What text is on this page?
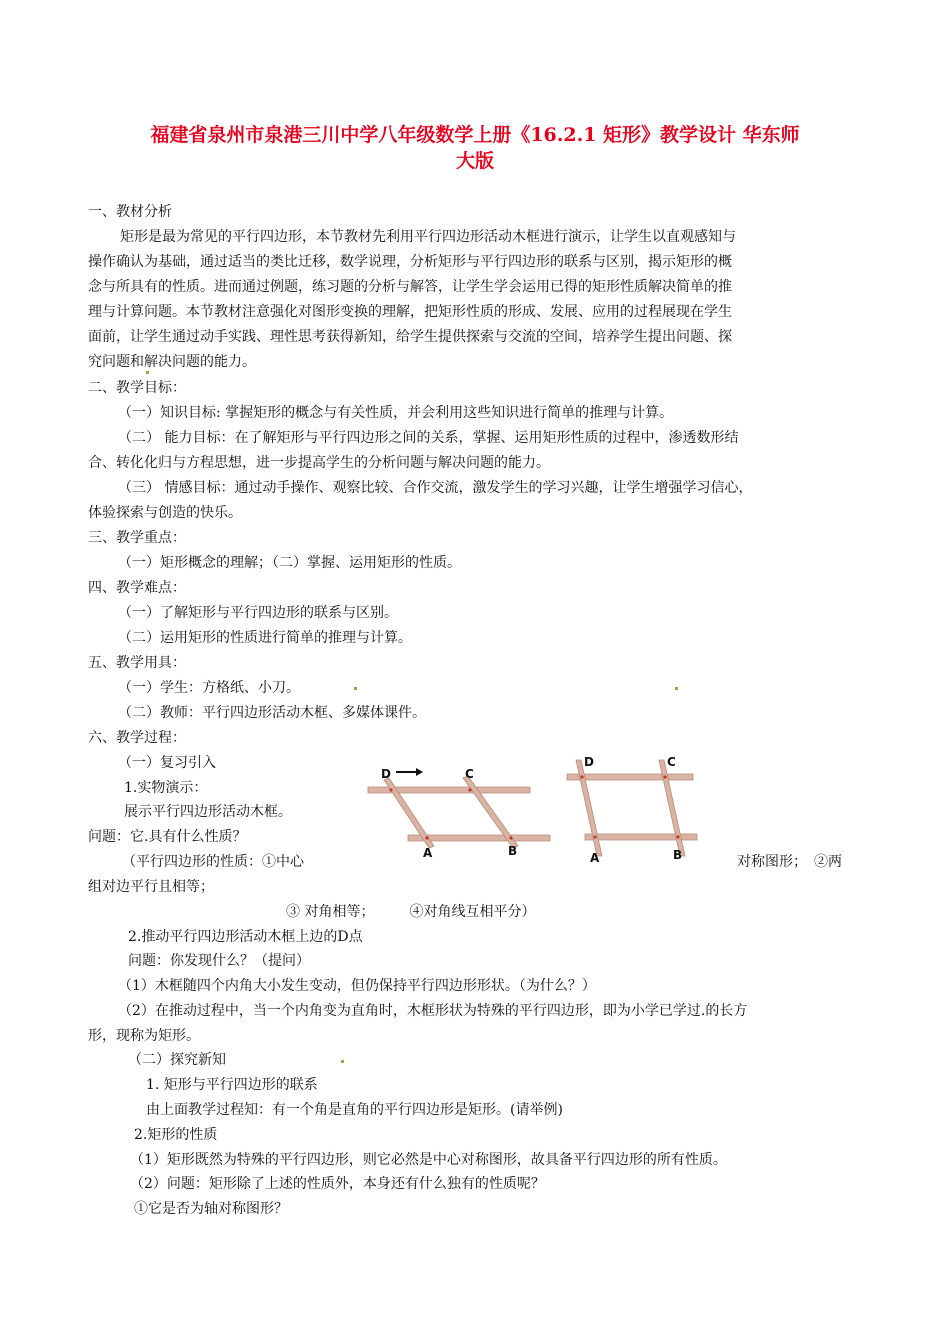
福建省泉州市泉港三川中学八年级数学上册《16.2.1 矩形》教学设计 华东师
大版
一、教材分析
矩形是最为常见的平行四边形，本节教材先利用平行四边形活动木框进行演示，让学生以直观感知与
操作确认为基础，通过适当的类比迁移，数学说理，分析矩形与平行四边形的联系与区别，揭示矩形的概
念与所具有的性质。进而通过例题，练习题的分析与解答，让学生学会运用已得的矩形性质解决简单的推
理与计算问题。本节教材注意强化对图形变换的理解，把矩形性质的形成、发展、应用的过程展现在学生
面前，让学生通过动手实践、理性思考获得新知，给学生提供探索与交流的空间，培养学生提出问题、探
究问题和解决问题的能力。
二、教学目标：
（一）知识目标: 掌握矩形的概念与有关性质，并会利用这些知识进行简单的推理与计算。
（二） 能力目标：在了解矩形与平行四边形之间的关系，掌握、运用矩形性质的过程中，渗透数形结
合、转化化归与方程思想，进一步提高学生的分析问题与解决问题的能力。
（三） 情感目标：通过动手操作、观察比较、合作交流，激发学生的学习兴趣，让学生增强学习信心，
体验探索与创造的快乐。
三、教学重点：
（一）矩形概念的理解；（二）掌握、运用矩形的性质。
四、教学难点：
（一）了解矩形与平行四边形的联系与区别。
（二）运用矩形的性质进行简单的推理与计算。
五、教学用具：
（一）学生：方格纸、小刀。
（二）教师：平行四边形活动木框、多媒体课件。
六、教学过程：
（一）复习引入
1.实物演示：
展示平行四边形活动木框。
问题：它.具有什么性质？
（平行四边形的性质：①中心	对称图形；　②两
组对边平行且相等；
③ 对角相等；　　　④对角线互相平分）
2.推动平行四边形活动木框上边的D点
问题：你发现什么？（提问）
（1）木框随四个内角大小发生变动，但仍保持平行四边形形状。（为什么？）
（2）在推动过程中，当一个内角变为直角时，木框形状为特殊的平行四边形，即为小学已学过.的长方
形，现称为矩形。
（二）探究新知
1. 矩形与平行四边形的联系
由上面教学过程知：有一个角是直角的平行四边形是矩形。(请举例)
2.矩形的性质
（1）矩形既然为特殊的平行四边形，则它必然是中心对称图形，故具备平行四边形的所有性质。
（2）问题：矩形除了上述的性质外，本身还有什么独有的性质呢？
①它是否为轴对称图形？
D	C
A	B
D	C
A	B
